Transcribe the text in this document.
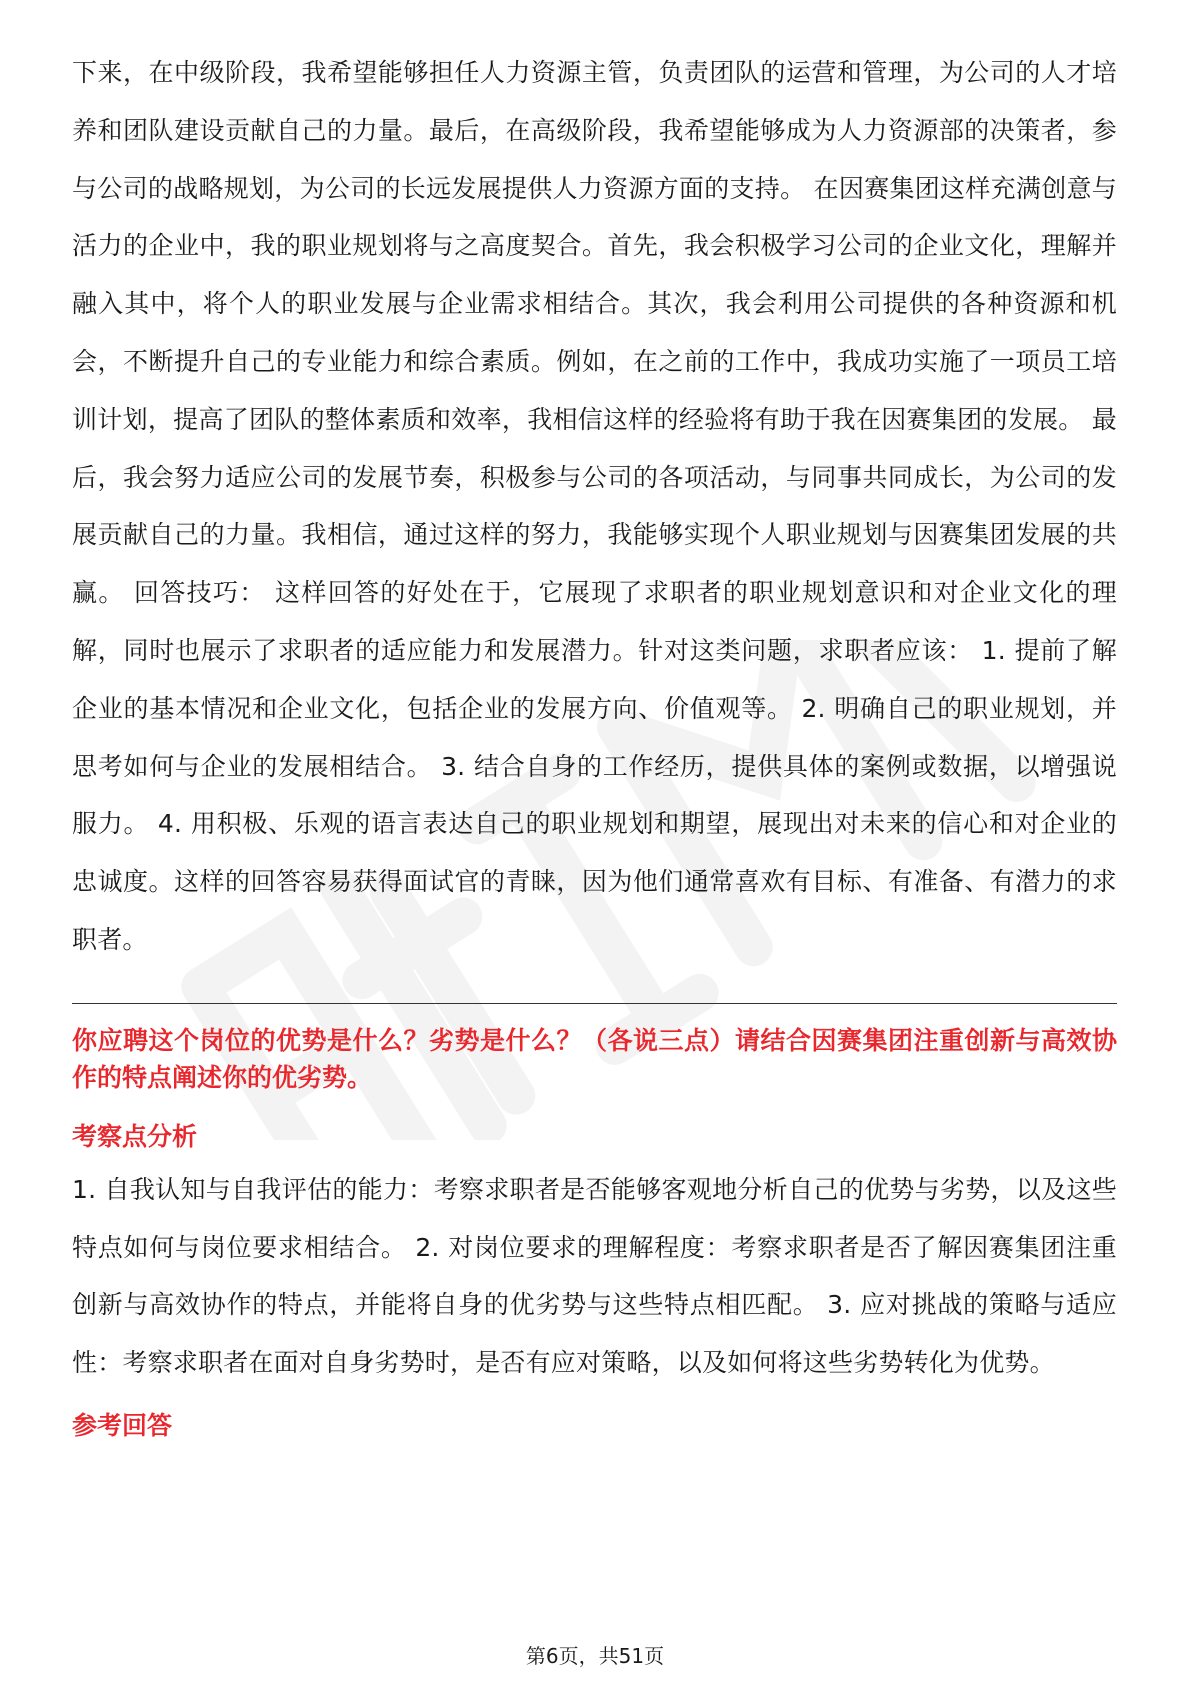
下来，在中级阶段，我希望能够担任人力资源主管，负责团队的运营和管理，为公司的人才培养和团队建设贡献自己的力量。最后，在高级阶段，我希望能够成为人力资源部的决策者，参与公司的战略规划，为公司的长远发展提供人力资源方面的支持。 在因赛集团这样充满创意与活力的企业中，我的职业规划将与之高度契合。首先，我会积极学习公司的企业文化，理解并融入其中，将个人的职业发展与企业需求相结合。其次，我会利用公司提供的各种资源和机会，不断提升自己的专业能力和综合素质。例如，在之前的工作中，我成功实施了一项员工培训计划，提高了团队的整体素质和效率，我相信这样的经验将有助于我在因赛集团的发展。 最后，我会努力适应公司的发展节奏，积极参与公司的各项活动，与同事共同成长，为公司的发展贡献自己的力量。我相信，通过这样的努力，我能够实现个人职业规划与因赛集团发展的共赢。 回答技巧： 这样回答的好处在于，它展现了求职者的职业规划意识和对企业文化的理解，同时也展示了求职者的适应能力和发展潜力。针对这类问题，求职者应该： 1. 提前了解企业的基本情况和企业文化，包括企业的发展方向、价值观等。 2. 明确自己的职业规划，并思考如何与企业的发展相结合。 3. 结合自身的工作经历，提供具体的案例或数据，以增强说服力。 4. 用积极、乐观的语言表达自己的职业规划和期望，展现出对未来的信心和对企业的忠诚度。这样的回答容易获得面试官的青睐，因为他们通常喜欢有目标、有准备、有潜力的求职者。

你应聘这个岗位的优势是什么？劣势是什么？（各说三点）请结合因赛集团注重创新与高效协作的特点阐述你的优劣势。

考察点分析

1. 自我认知与自我评估的能力：考察求职者是否能够客观地分析自己的优势与劣势，以及这些特点如何与岗位要求相结合。 2. 对岗位要求的理解程度：考察求职者是否了解因赛集团注重创新与高效协作的特点，并能将自身的优劣势与这些特点相匹配。 3. 应对挑战的策略与适应性：考察求职者在面对自身劣势时，是否有应对策略，以及如何将这些劣势转化为优势。

参考回答
第6页，共51页
